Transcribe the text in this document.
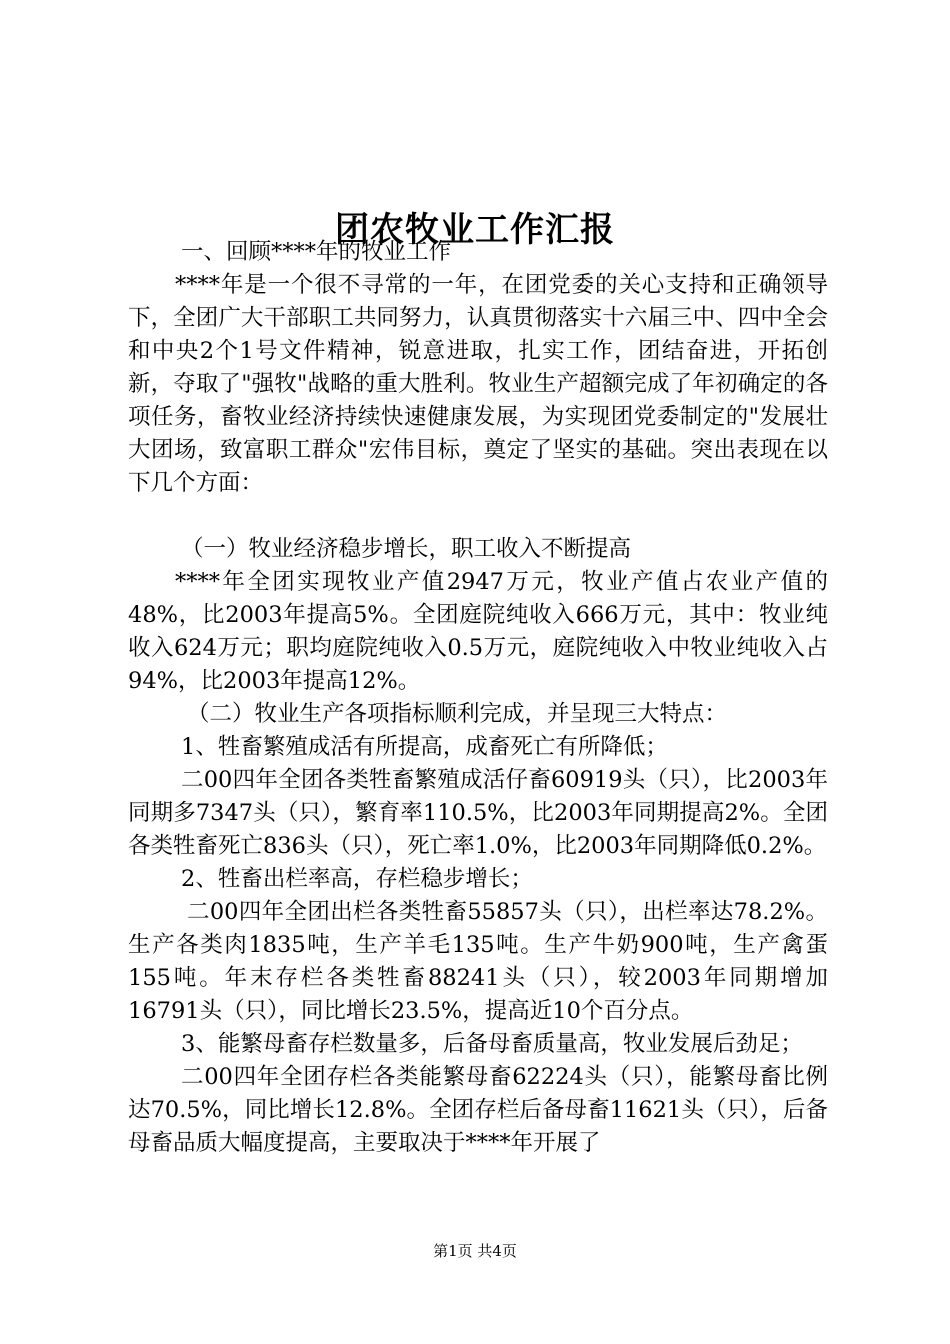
团农牧业工作汇报

一、回顾****年的牧业工作

****年是一个很不寻常的一年，在团党委的关心支持和正确领导下，全团广大干部职工共同努力，认真贯彻落实十六届三中、四中全会和中央2个1号文件精神，锐意进取，扎实工作，团结奋进，开拓创新，夺取了"强牧"战略的重大胜利。牧业生产超额完成了年初确定的各项任务，畜牧业经济持续快速健康发展，为实现团党委制定的"发展壮大团场，致富职工群众"宏伟目标，奠定了坚实的基础。突出表现在以下几个方面：

（一）牧业经济稳步增长，职工收入不断提高

****年全团实现牧业产值2947万元，牧业产值占农业产值的48%，比2003年提高5%。全团庭院纯收入666万元，其中：牧业纯收入624万元；职均庭院纯收入0.5万元，庭院纯收入中牧业纯收入占94%，比2003年提高12%。

（二）牧业生产各项指标顺利完成，并呈现三大特点：

1、牲畜繁殖成活有所提高，成畜死亡有所降低；

二00四年全团各类牲畜繁殖成活仔畜60919头（只），比2003年同期多7347头（只），繁育率110.5%，比2003年同期提高2%。全团各类牲畜死亡836头（只），死亡率1.0%，比2003年同期降低0.2%。

2、牲畜出栏率高，存栏稳步增长；

二00四年全团出栏各类牲畜55857头（只），出栏率达78.2%。生产各类肉1835吨，生产羊毛135吨。生产牛奶900吨，生产禽蛋155吨。年末存栏各类牲畜88241头（只），较2003年同期增加16791头（只），同比增长23.5%，提高近10个百分点。

3、能繁母畜存栏数量多，后备母畜质量高，牧业发展后劲足；

二00四年全团存栏各类能繁母畜62224头（只），能繁母畜比例达70.5%，同比增长12.8%。全团存栏后备母畜11621头（只），后备母畜品质大幅度提高，主要取决于****年开展了

第1页 共4页
